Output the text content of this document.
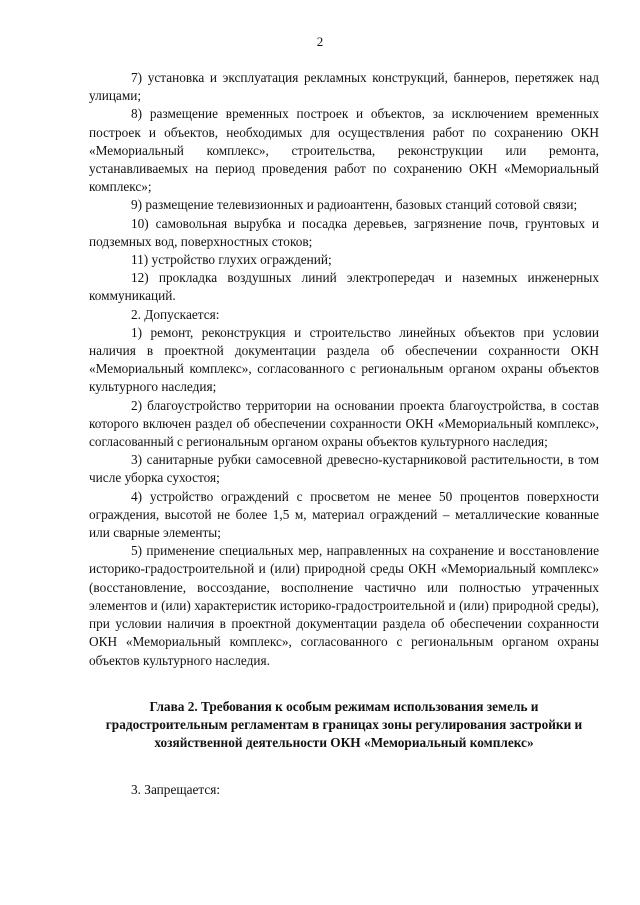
2

7) установка и эксплуатация рекламных конструкций, баннеров, перетяжек над улицами;

8) размещение временных построек и объектов, за исключением временных построек и объектов, необходимых для осуществления работ по сохранению ОКН «Мемориальный комплекс», строительства, реконструкции или ремонта, устанавливаемых на период проведения работ по сохранению ОКН «Мемориальный комплекс»;

9) размещение телевизионных и радиоантенн, базовых станций сотовой связи;

10) самовольная вырубка и посадка деревьев, загрязнение почв, грунтовых и подземных вод, поверхностных стоков;

11) устройство глухих ограждений;

12) прокладка воздушных линий электропередач и наземных инженерных коммуникаций.

2. Допускается:

1) ремонт, реконструкция и строительство линейных объектов при условии наличия в проектной документации раздела об обеспечении сохранности ОКН «Мемориальный комплекс», согласованного с региональным органом охраны объектов культурного наследия;

2) благоустройство территории на основании проекта благоустройства, в состав которого включен раздел об обеспечении сохранности ОКН «Мемориальный комплекс», согласованный с региональным органом охраны объектов культурного наследия;

3) санитарные рубки самосевной древесно-кустарниковой растительности, в том числе уборка сухостоя;

4) устройство ограждений с просветом не менее 50 процентов поверхности ограждения, высотой не более 1,5 м, материал ограждений – металлические кованные или сварные элементы;

5) применение специальных мер, направленных на сохранение и восстановление историко-градостроительной и (или) природной среды ОКН «Мемориальный комплекс» (восстановление, воссоздание, восполнение частично или полностью утраченных элементов и (или) характеристик историко-градостроительной и (или) природной среды), при условии наличия в проектной документации раздела об обеспечении сохранности ОКН «Мемориальный комплекс», согласованного с региональным органом охраны объектов культурного наследия.

Глава 2. Требования к особым режимам использования земель и градостроительным регламентам в границах зоны регулирования застройки и хозяйственной деятельности ОКН «Мемориальный комплекс»

3. Запрещается:
